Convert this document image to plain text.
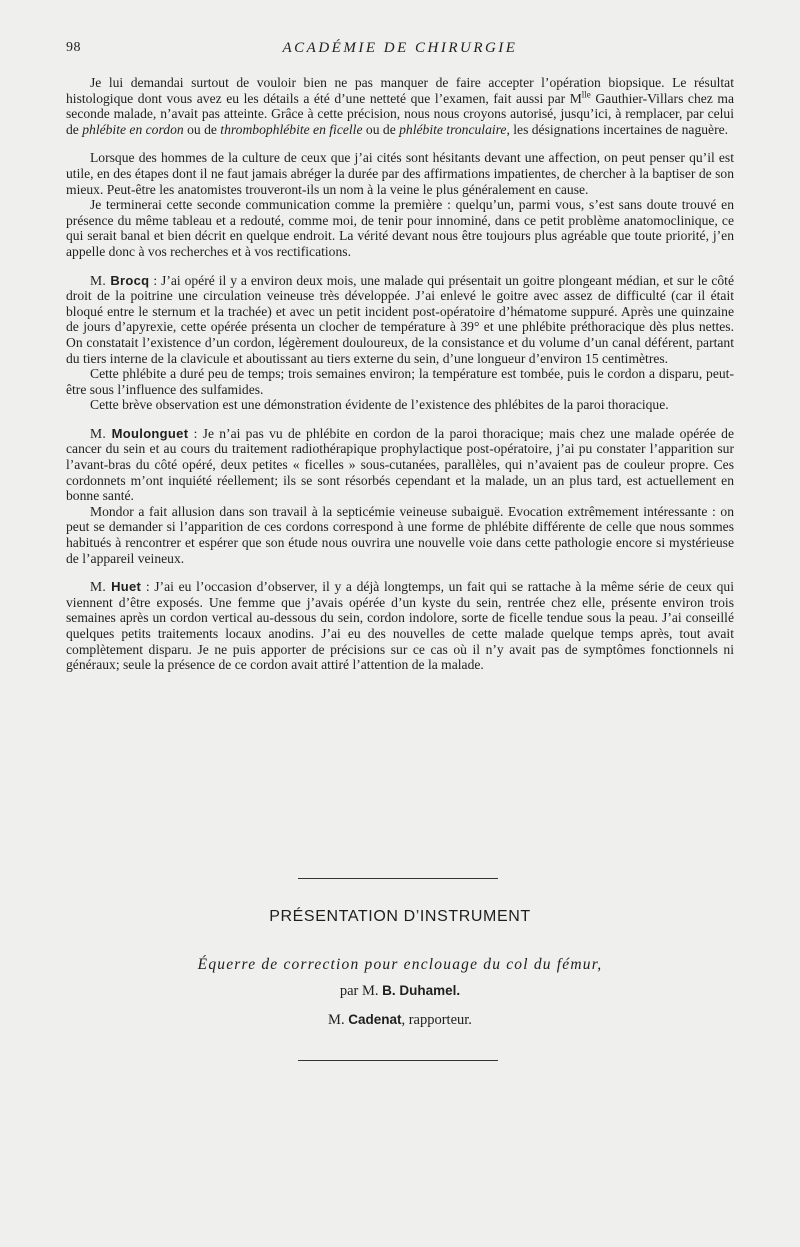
98	ACADÉMIE DE CHIRURGIE

Je lui demandai surtout de vouloir bien ne pas manquer de faire accepter l’opération biopsique. Le résultat histologique dont vous avez eu les détails a été d’une netteté que l’examen, fait aussi par $M^{lle}$ Gauthier-Villars chez ma seconde malade, n’avait pas atteinte. Grâce à cette précision, nous nous croyons autorisé, jusqu’ici, à remplacer, par celui de phlébite en cordon ou de thrombophlébite en ficelle ou de phlébite tronculaire, les désignations incertaines de naguère.

Lorsque des hommes de la culture de ceux que j’ai cités sont hésitants devant une affection, on peut penser qu’il est utile, en des étapes dont il ne faut jamais abréger la durée par des affirmations impatientes, de chercher à la baptiser de son mieux. Peut-être les anatomistes trouveront-ils un nom à la veine le plus généralement en cause.

Je terminerai cette seconde communication comme la première : quelqu’un, parmi vous, s’est sans doute trouvé en présence du même tableau et a redouté, comme moi, de tenir pour innominé, dans ce petit problème anatomoclinique, ce qui serait banal et bien décrit en quelque endroit. La vérité devant nous être toujours plus agréable que toute priorité, j’en appelle donc à vos recherches et à vos rectifications.

M. Brocq : J’ai opéré il y a environ deux mois, une malade qui présentait un goitre plongeant médian, et sur le côté droit de la poitrine une circulation veineuse très développée. J’ai enlevé le goitre avec assez de difficulté (car il était bloqué entre le sternum et la trachée) et avec un petit incident post-opératoire d’hématome suppuré. Après une quinzaine de jours d’apyrexie, cette opérée présenta un clocher de température à 39° et une phlébite préthoracique dès plus nettes. On constatait l’existence d’un cordon, légèrement douloureux, de la consistance et du volume d’un canal déférent, partant du tiers interne de la clavicule et aboutissant au tiers externe du sein, d’une longueur d’environ 15 centimètres.

Cette phlébite a duré peu de temps; trois semaines environ; la température est tombée, puis le cordon a disparu, peut-être sous l’influence des sulfamides.

Cette brève observation est une démonstration évidente de l’existence des phlébites de la paroi thoracique.

M. Moulonguet : Je n’ai pas vu de phlébite en cordon de la paroi thoracique; mais chez une malade opérée de cancer du sein et au cours du traitement radiothérapique prophylactique post-opératoire, j’ai pu constater l’apparition sur l’avant-bras du côté opéré, deux petites « ficelles » sous-cutanées, parallèles, qui n’avaient pas de couleur propre. Ces cordonnets m’ont inquiété réellement; ils se sont résorbés cependant et la malade, un an plus tard, est actuellement en bonne santé.

Mondor a fait allusion dans son travail à la septicémie veineuse subaiguë. Evocation extrêmement intéressante : on peut se demander si l’apparition de ces cordons correspond à une forme de phlébite différente de celle que nous sommes habitués à rencontrer et espérer que son étude nous ouvrira une nouvelle voie dans cette pathologie encore si mystérieuse de l’appareil veineux.

M. Huet : J’ai eu l’occasion d’observer, il y a déjà longtemps, un fait qui se rattache à la même série de ceux qui viennent d’être exposés. Une femme que j’avais opérée d’un kyste du sein, rentrée chez elle, présente environ trois semaines après un cordon vertical au-dessous du sein, cordon indolore, sorte de ficelle tendue sous la peau. J’ai conseillé quelques petits traitements locaux anodins. J’ai eu des nouvelles de cette malade quelque temps après, tout avait complètement disparu. Je ne puis apporter de précisions sur ce cas où il n’y avait pas de symptômes fonctionnels ni généraux; seule la présence de ce cordon avait attiré l’attention de la malade.

PRÉSENTATION D’INSTRUMENT
Équerre de correction pour enclouage du col du fémur,
par M. B. Duhamel.
M. Cadenat, rapporteur.
